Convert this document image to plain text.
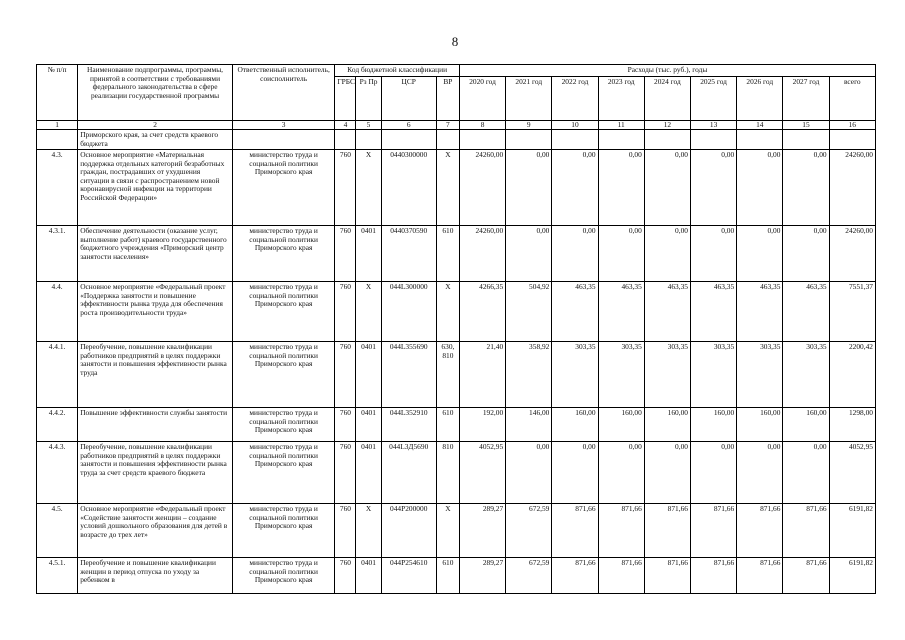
8
№ п/п	Наименование подпрограммы, программы, принятой в соответствии с требованиями федерального законодательства в сфере реализации государственной программы	Ответственный исполнитель, соисполнитель	Код бюджетной классификации				Расходы (тыс. руб.), годы								
			ГРБС	Рз Пр	ЦСР	ВР	2020 год	2021 год	2022 год	2023 год	2024 год	2025 год	2026 год	2027 год	всего
1	2	3	4	5	6	7	8	9	10	11	12	13	14	15	16
	Приморского края, за счет средств краевого бюджета														
4.3.	Основное мероприятие «Материальная поддержка отдельных категорий безработных граждан, пострадавших от ухудшения ситуации в связи с распространением новой коронавирусной инфекции на территории Российской Федерации»	министерство труда и социальной политики Приморского края	760	X	0440300000	X	24260,00	0,00	0,00	0,00	0,00	0,00	0,00	0,00	24260,00
4.3.1.	Обеспечение деятельности (оказание услуг, выполнение работ) краевого государственного бюджетного учреждения «Приморский центр занятости населения»	министерство труда и социальной политики Приморского края	760	0401	0440370590	610	24260,00	0,00	0,00	0,00	0,00	0,00	0,00	0,00	24260,00
4.4.	Основное мероприятие «Федеральный проект «Поддержка занятости и повышение эффективности рынка труда для обеспечения роста производительности труда»	министерство труда и социальной политики Приморского края	760	X	044L300000	X	4266,35	504,92	463,35	463,35	463,35	463,35	463,35	463,35	7551,37
4.4.1.	Переобучение, повышение квалификации работников предприятий в целях поддержки занятости и повышения эффективности рынка труда	министерство труда и социальной политики Приморского края	760	0401	044L355690	630, 810	21,40	358,92	303,35	303,35	303,35	303,35	303,35	303,35	2200,42
4.4.2.	Повышение эффективности службы занятости	министерство труда и социальной политики Приморского края	760	0401	044L352910	610	192,00	146,00	160,00	160,00	160,00	160,00	160,00	160,00	1298,00
4.4.3.	Переобучение, повышение квалификации работников предприятий в целях поддержки занятости и повышения эффективности рынка труда за счет средств краевого бюджета	министерство труда и социальной политики Приморского края	760	0401	044L3Д5690	810	4052,95	0,00	0,00	0,00	0,00	0,00	0,00	0,00	4052,95
4.5.	Основное мероприятие «Федеральный проект «Содействие занятости женщин – создание условий дошкольного образования для детей в возрасте до трех лет»	министерство труда и социальной политики Приморского края	760	X	044P200000	X	289,27	672,59	871,66	871,66	871,66	871,66	871,66	871,66	6191,82
4.5.1.	Переобучение и повышение квалификации женщин в период отпуска по уходу за ребенком в	министерство труда и социальной политики Приморского края	760	0401	044P254610	610	289,27	672,59	871,66	871,66	871,66	871,66	871,66	871,66	6191,82
